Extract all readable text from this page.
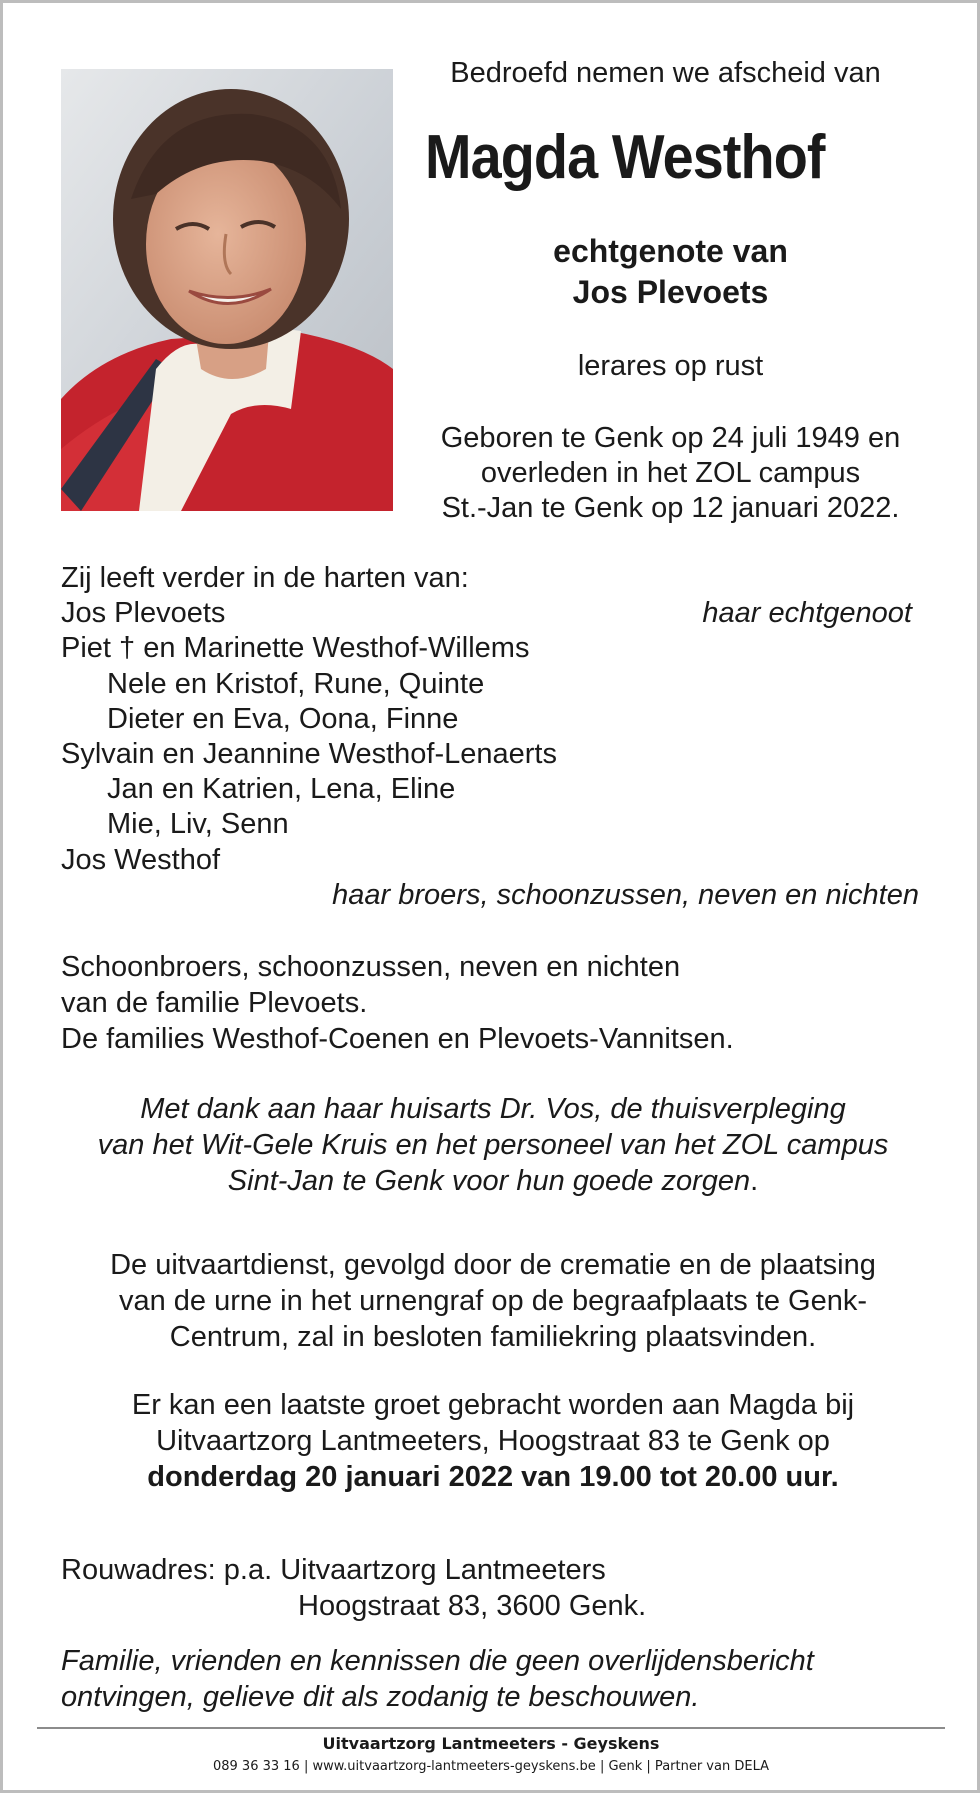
Bedroefd nemen we afscheid van
Magda Westhof
echtgenote van
Jos Plevoets
lerares op rust
Geboren te Genk op 24 juli 1949 en
overleden in het ZOL campus
St.-Jan te Genk op 12 januari 2022.
Zij leeft verder in de harten van:
Jos Plevoets
Piet † en Marinette Westhof-Willems
Nele en Kristof, Rune, Quinte
Dieter en Eva, Oona, Finne
Sylvain en Jeannine Westhof-Lenaerts
Jan en Katrien, Lena, Eline
Mie, Liv, Senn
Jos Westhof
haar echtgenoot
haar broers, schoonzussen, neven en nichten
Schoonbroers, schoonzussen, neven en nichten
van de familie Plevoets.
De families Westhof-Coenen en Plevoets-Vannitsen.
Met dank aan haar huisarts Dr. Vos, de thuisverpleging
van het Wit-Gele Kruis en het personeel van het ZOL campus
Sint-Jan te Genk voor hun goede zorgen.
De uitvaartdienst, gevolgd door de crematie en de plaatsing
van de urne in het urnengraf op de begraafplaats te Genk-
Centrum, zal in besloten familiekring plaatsvinden.
Er kan een laatste groet gebracht worden aan Magda bij
Uitvaartzorg Lantmeeters, Hoogstraat 83 te Genk op
donderdag 20 januari 2022 van 19.00 tot 20.00 uur.
Rouwadres: p.a. Uitvaartzorg Lantmeeters
Hoogstraat 83, 3600 Genk.
Familie, vrienden en kennissen die geen overlijdensbericht
ontvingen, gelieve dit als zodanig te beschouwen.
Uitvaartzorg Lantmeeters - Geyskens
089 36 33 16 | www.uitvaartzorg-lantmeeters-geyskens.be | Genk | Partner van DELA
